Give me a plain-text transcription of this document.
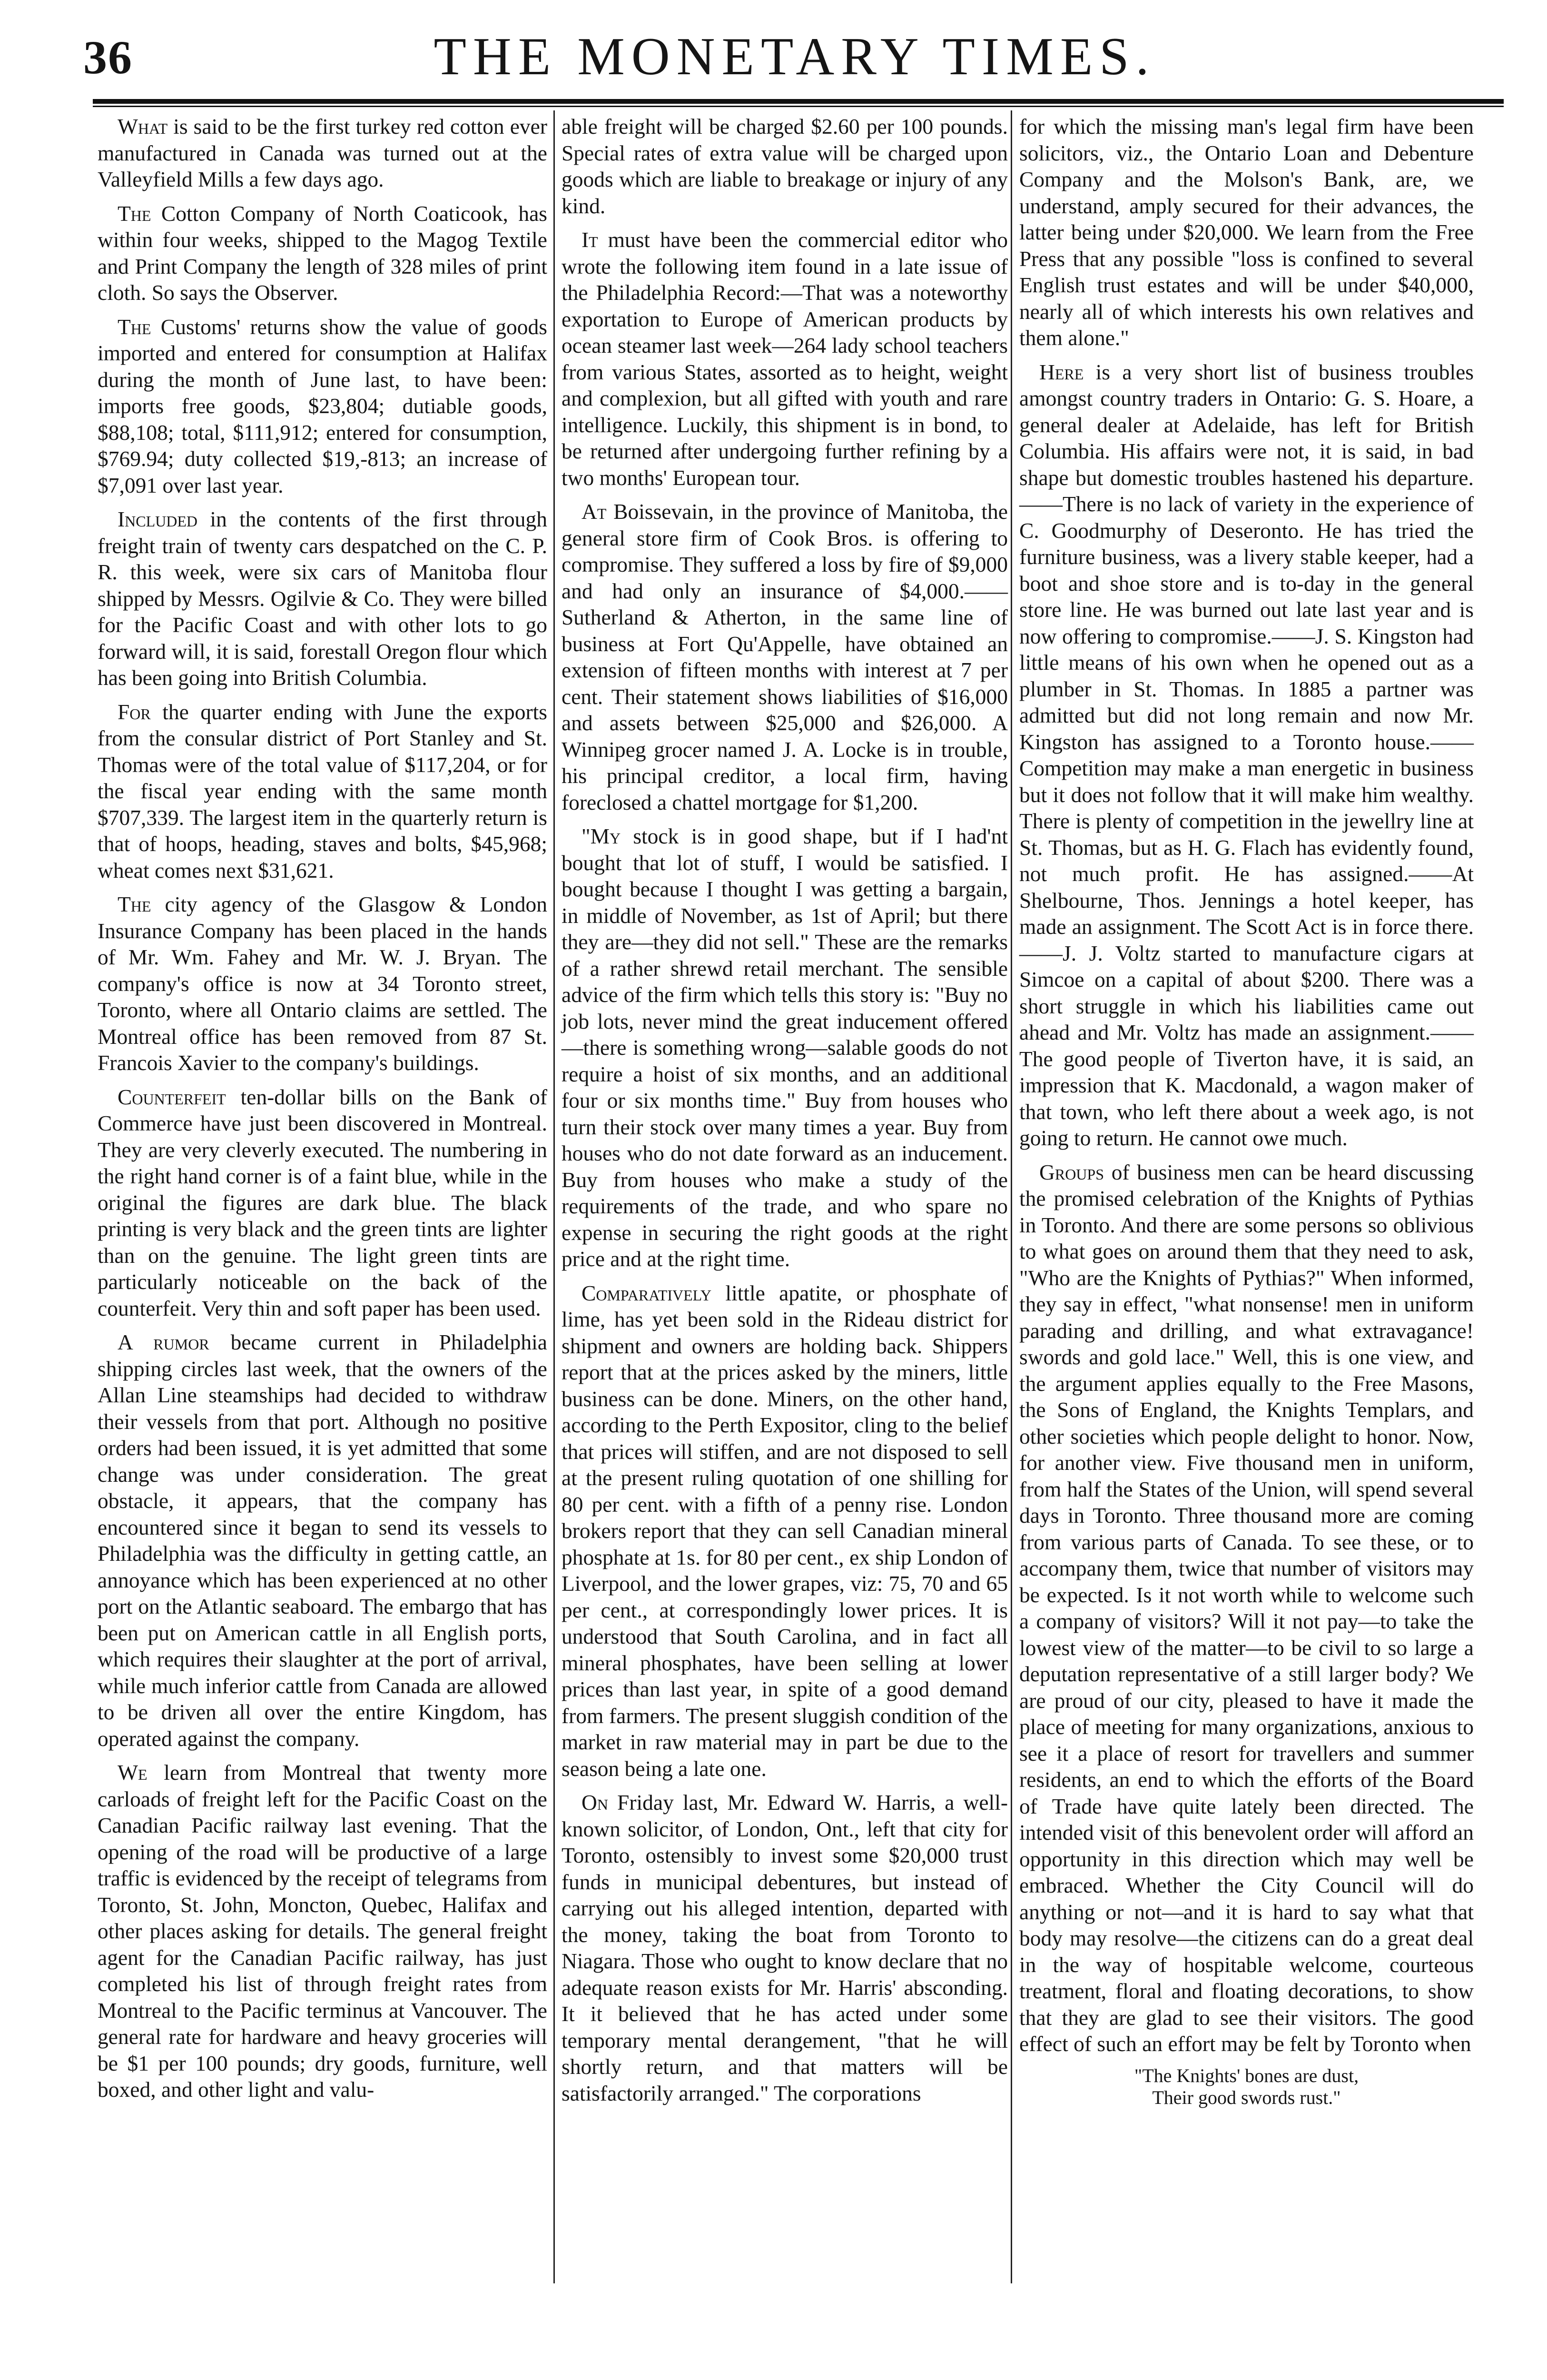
36	THE MONETARY TIMES.

What is said to be the first turkey red cotton ever manufactured in Canada was turned out at the Valleyfield Mills a few days ago.

The Cotton Company of North Coaticook, has within four weeks, shipped to the Magog Textile and Print Company the length of 328 miles of print cloth. So says the Observer.

The Customs' returns show the value of goods imported and entered for consumption at Halifax during the month of June last, to have been: imports free goods, $23,804; dutiable goods, $88,108; total, $111,912; entered for consumption, $769.94; duty collected $19,-813; an increase of $7,091 over last year.

Included in the contents of the first through freight train of twenty cars despatched on the C. P. R. this week, were six cars of Manitoba flour shipped by Messrs. Ogilvie & Co. They were billed for the Pacific Coast and with other lots to go forward will, it is said, forestall Oregon flour which has been going into British Columbia.

For the quarter ending with June the exports from the consular district of Port Stanley and St. Thomas were of the total value of $117,204, or for the fiscal year ending with the same month $707,339. The largest item in the quarterly return is that of hoops, heading, staves and bolts, $45,968; wheat comes next $31,621.

The city agency of the Glasgow & London Insurance Company has been placed in the hands of Mr. Wm. Fahey and Mr. W. J. Bryan. The company's office is now at 34 Toronto street, Toronto, where all Ontario claims are settled. The Montreal office has been removed from 87 St. Francois Xavier to the company's buildings.

Counterfeit ten-dollar bills on the Bank of Commerce have just been discovered in Montreal. They are very cleverly executed. The numbering in the right hand corner is of a faint blue, while in the original the figures are dark blue. The black printing is very black and the green tints are lighter than on the genuine. The light green tints are particularly noticeable on the back of the counterfeit. Very thin and soft paper has been used.

A rumor became current in Philadelphia shipping circles last week, that the owners of the Allan Line steamships had decided to withdraw their vessels from that port. Although no positive orders had been issued, it is yet admitted that some change was under consideration. The great obstacle, it appears, that the company has encountered since it began to send its vessels to Philadelphia was the difficulty in getting cattle, an annoyance which has been experienced at no other port on the Atlantic seaboard. The embargo that has been put on American cattle in all English ports, which requires their slaughter at the port of arrival, while much inferior cattle from Canada are allowed to be driven all over the entire Kingdom, has operated against the company.

We learn from Montreal that twenty more carloads of freight left for the Pacific Coast on the Canadian Pacific railway last evening. That the opening of the road will be productive of a large traffic is evidenced by the receipt of telegrams from Toronto, St. John, Moncton, Quebec, Halifax and other places asking for details. The general freight agent for the Canadian Pacific railway, has just completed his list of through freight rates from Montreal to the Pacific terminus at Vancouver. The general rate for hardware and heavy groceries will be $1 per 100 pounds; dry goods, furniture, well boxed, and other light and valu-

able freight will be charged $2.60 per 100 pounds. Special rates of extra value will be charged upon goods which are liable to breakage or injury of any kind.

It must have been the commercial editor who wrote the following item found in a late issue of the Philadelphia Record:—That was a noteworthy exportation to Europe of American products by ocean steamer last week—264 lady school teachers from various States, assorted as to height, weight and complexion, but all gifted with youth and rare intelligence. Luckily, this shipment is in bond, to be returned after undergoing further refining by a two months' European tour.

At Boissevain, in the province of Manitoba, the general store firm of Cook Bros. is offering to compromise. They suffered a loss by fire of $9,000 and had only an insurance of $4,000.——Sutherland & Atherton, in the same line of business at Fort Qu'Appelle, have obtained an extension of fifteen months with interest at 7 per cent. Their statement shows liabilities of $16,000 and assets between $25,000 and $26,000. A Winnipeg grocer named J. A. Locke is in trouble, his principal creditor, a local firm, having foreclosed a chattel mortgage for $1,200.

"My stock is in good shape, but if I had'nt bought that lot of stuff, I would be satisfied. I bought because I thought I was getting a bargain, in middle of November, as 1st of April; but there they are—they did not sell." These are the remarks of a rather shrewd retail merchant. The sensible advice of the firm which tells this story is: "Buy no job lots, never mind the great inducement offered—there is something wrong—salable goods do not require a hoist of six months, and an additional four or six months time." Buy from houses who turn their stock over many times a year. Buy from houses who do not date forward as an inducement. Buy from houses who make a study of the requirements of the trade, and who spare no expense in securing the right goods at the right price and at the right time.

Comparatively little apatite, or phosphate of lime, has yet been sold in the Rideau district for shipment and owners are holding back. Shippers report that at the prices asked by the miners, little business can be done. Miners, on the other hand, according to the Perth Expositor, cling to the belief that prices will stiffen, and are not disposed to sell at the present ruling quotation of one shilling for 80 per cent. with a fifth of a penny rise. London brokers report that they can sell Canadian mineral phosphate at 1s. for 80 per cent., ex ship London of Liverpool, and the lower grapes, viz: 75, 70 and 65 per cent., at correspondingly lower prices. It is understood that South Carolina, and in fact all mineral phosphates, have been selling at lower prices than last year, in spite of a good demand from farmers. The present sluggish condition of the market in raw material may in part be due to the season being a late one.

On Friday last, Mr. Edward W. Harris, a well-known solicitor, of London, Ont., left that city for Toronto, ostensibly to invest some $20,000 trust funds in municipal debentures, but instead of carrying out his alleged intention, departed with the money, taking the boat from Toronto to Niagara. Those who ought to know declare that no adequate reason exists for Mr. Harris' absconding. It it believed that he has acted under some temporary mental derangement, "that he will shortly return, and that matters will be satisfactorily arranged." The corporations

for which the missing man's legal firm have been solicitors, viz., the Ontario Loan and Debenture Company and the Molson's Bank, are, we understand, amply secured for their advances, the latter being under $20,000. We learn from the Free Press that any possible "loss is confined to several English trust estates and will be under $40,000, nearly all of which interests his own relatives and them alone."

Here is a very short list of business troubles amongst country traders in Ontario: G. S. Hoare, a general dealer at Adelaide, has left for British Columbia. His affairs were not, it is said, in bad shape but domestic troubles hastened his departure.——There is no lack of variety in the experience of C. Goodmurphy of Deseronto. He has tried the furniture business, was a livery stable keeper, had a boot and shoe store and is to-day in the general store line. He was burned out late last year and is now offering to compromise.——J. S. Kingston had little means of his own when he opened out as a plumber in St. Thomas. In 1885 a partner was admitted but did not long remain and now Mr. Kingston has assigned to a Toronto house.——Competition may make a man energetic in business but it does not follow that it will make him wealthy. There is plenty of competition in the jewellry line at St. Thomas, but as H. G. Flach has evidently found, not much profit. He has assigned.——At Shelbourne, Thos. Jennings a hotel keeper, has made an assignment. The Scott Act is in force there.——J. J. Voltz started to manufacture cigars at Simcoe on a capital of about $200. There was a short struggle in which his liabilities came out ahead and Mr. Voltz has made an assignment.——The good people of Tiverton have, it is said, an impression that K. Macdonald, a wagon maker of that town, who left there about a week ago, is not going to return. He cannot owe much.

Groups of business men can be heard discussing the promised celebration of the Knights of Pythias in Toronto. And there are some persons so oblivious to what goes on around them that they need to ask, "Who are the Knights of Pythias?" When informed, they say in effect, "what nonsense! men in uniform parading and drilling, and what extravagance! swords and gold lace." Well, this is one view, and the argument applies equally to the Free Masons, the Sons of England, the Knights Templars, and other societies which people delight to honor. Now, for another view. Five thousand men in uniform, from half the States of the Union, will spend several days in Toronto. Three thousand more are coming from various parts of Canada. To see these, or to accompany them, twice that number of visitors may be expected. Is it not worth while to welcome such a company of visitors? Will it not pay—to take the lowest view of the matter—to be civil to so large a deputation representative of a still larger body? We are proud of our city, pleased to have it made the place of meeting for many organizations, anxious to see it a place of resort for travellers and summer residents, an end to which the efforts of the Board of Trade have quite lately been directed. The intended visit of this benevolent order will afford an opportunity in this direction which may well be embraced. Whether the City Council will do anything or not—and it is hard to say what that body may resolve—the citizens can do a great deal in the way of hospitable welcome, courteous treatment, floral and floating decorations, to show that they are glad to see their visitors. The good effect of such an effort may be felt by Toronto when

"The Knights' bones are dust,
Their good swords rust."
